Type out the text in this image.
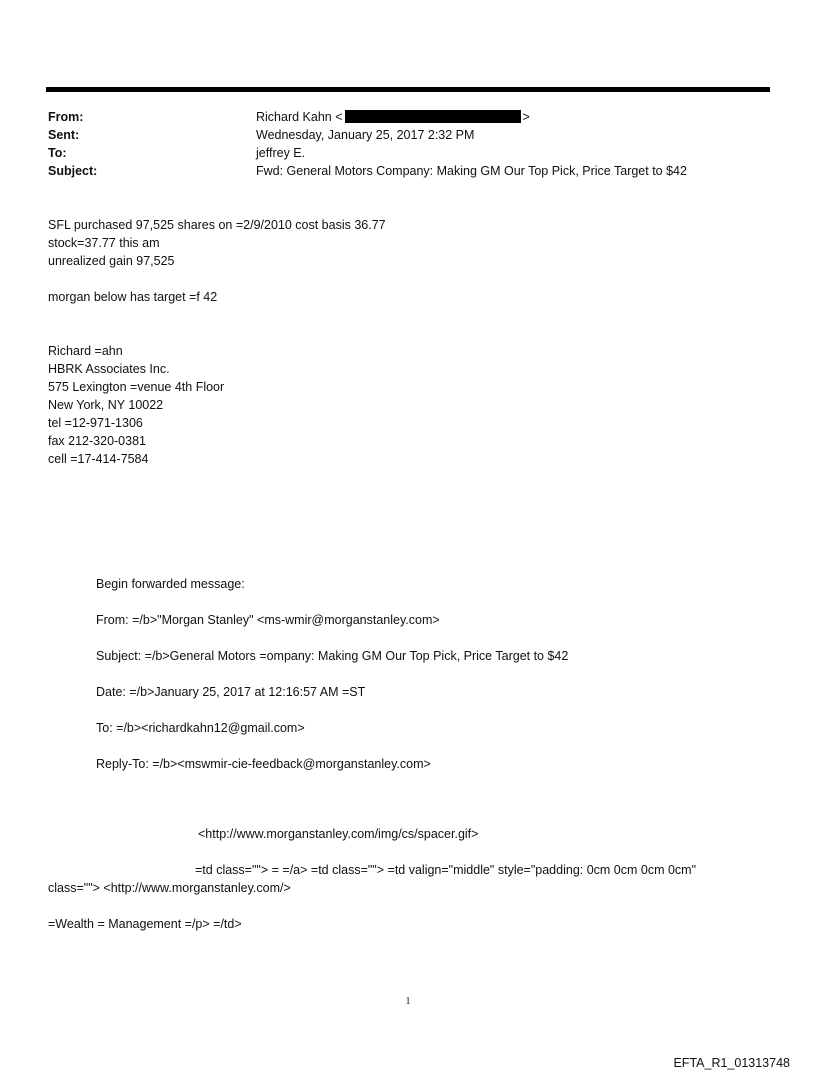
From:	Richard Kahn <	>
Sent:	Wednesday, January 25, 2017 2:32 PM
To:	jeffrey E.
Subject:	Fwd: General Motors Company: Making GM Our Top Pick, Price Target to $42
SFL purchased 97,525 shares on =2/9/2010 cost basis 36.77
stock=37.77 this am
unrealized gain 97,525
morgan below has target =f 42
Richard =ahn
HBRK Associates Inc.
575 Lexington =venue 4th Floor
New York, NY 10022
tel =12-971-1306
fax 212-320-0381
cell =17-414-7584
Begin forwarded message:
From: =/b>"Morgan Stanley" <ms-wmir@morganstanley.com>
Subject: =/b>General Motors =ompany: Making GM Our Top Pick, Price Target to $42
Date: =/b>January 25, 2017 at 12:16:57 AM =ST
To: =/b><richardkahn12@gmail.com>
Reply-To: =/b><mswmir-cie-feedback@morganstanley.com>
<http://www.morganstanley.com/img/cs/spacer.gif>
=td class=""> = =/a> =td class=""> =td valign="middle" style="padding: 0cm 0cm 0cm 0cm"
class=""> <http://www.morganstanley.com/>
=Wealth = Management =/p> =/td>
1
EFTA_R1_01313748
